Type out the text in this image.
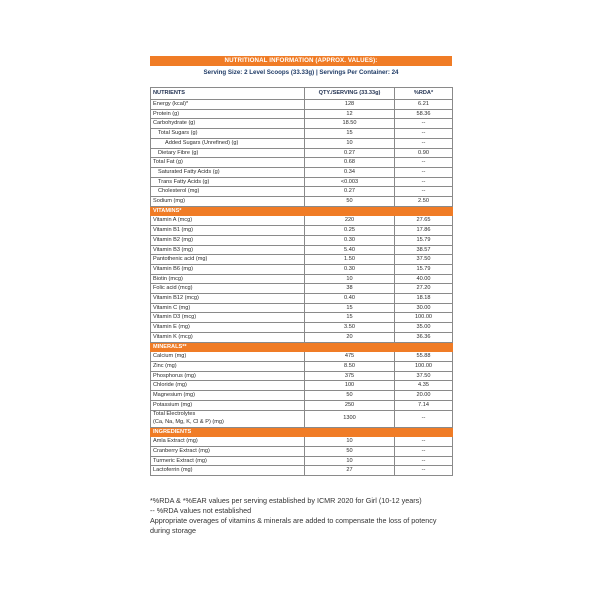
NUTRITIONAL INFORMATION (APPROX. VALUES):
Serving Size: 2 Level Scoops (33.33g) | Servings Per Container: 24
NUTRIENTS	QTY./SERVING (33.33g)	%RDA*
Energy (kcal)*	128	6.21
Protein (g)	12	58.36
Carbohydrate (g)	18.50	--
Total Sugars (g)	15	--
Added Sugars (Unrefined) (g)	10	--
Dietary Fibre (g)	0.27	0.90
Total Fat (g)	0.68	--
Saturated Fatty Acids (g)	0.34	--
Trans Fatty Acids (g)	<0.003	--
Cholesterol (mg)	0.27	--
Sodium (mg)	50	2.50
VITAMINS*		
Vitamin A (mcg)	220	27.65
Vitamin B1 (mg)	0.25	17.86
Vitamin B2 (mg)	0.30	15.79
Vitamin B3 (mg)	5.40	38.57
Pantothenic acid (mg)	1.50	37.50
Vitamin B6 (mg)	0.30	15.79
Biotin (mcg)	10	40.00
Folic acid (mcg)	38	27.20
Vitamin B12 (mcg)	0.40	18.18
Vitamin C (mg)	15	30.00
Vitamin D3 (mcg)	15	100.00
Vitamin E (mg)	3.50	35.00
Vitamin K (mcg)	20	36.36
MINERALS**		
Calcium (mg)	475	55.88
Zinc (mg)	8.50	100.00
Phosphorus (mg)	375	37.50
Chloride (mg)	100	4.35
Magnesium (mg)	50	20.00
Potassium (mg)	250	7.14

Total Electrolytes
(Ca, Na, Mg, K, Cl & P) (mg)	1300	--
INGREDIENTS		
Amla Extract (mg)	10	--
Cranberry Extract (mg)	50	--
Turmeric Extract (mg)	10	--
Lactoferrin (mg)	27	--

*%RDA & *%EAR values per serving established by ICMR 2020 for Girl (10-12 years)

-- %RDA values not established

Appropriate overages of vitamins & minerals are added to compensate the loss of potency during storage
